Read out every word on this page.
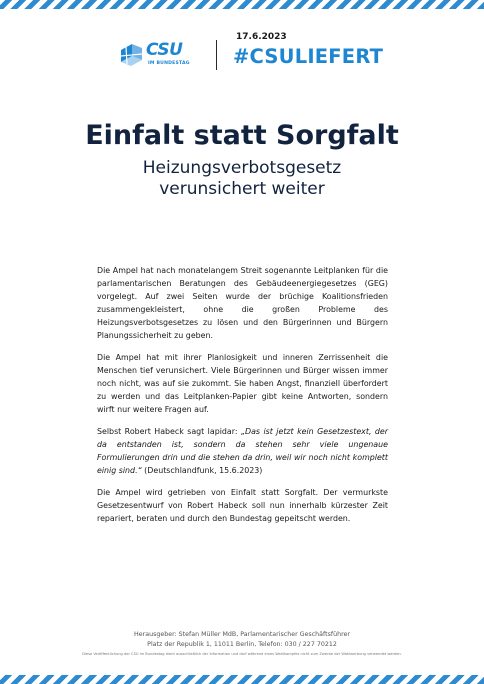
CSU
IM BUNDESTAG
17.6.2023
#CSULIEFERT
Einfalt statt Sorgfalt
Heizungsverbotsgesetz
verunsichert weiter

Die Ampel hat nach monatelangem Streit sogenannte Leitplanken für die parlamentarischen Beratungen des Gebäudeenergiegesetzes (GEG) vorgelegt. Auf zwei Seiten wurde der brüchige Koalitionsfrieden zusammengekleistert, ohne die großen Probleme des Heizungsverbotsgesetzes zu lösen und den Bürgerinnen und Bürgern Planungssicherheit zu geben.

Die Ampel hat mit ihrer Planlosigkeit und inneren Zerrissenheit die Menschen tief verunsichert. Viele Bürgerinnen und Bürger wissen immer noch nicht, was auf sie zukommt. Sie haben Angst, finanziell überfordert zu werden und das Leitplanken-Papier gibt keine Antworten, sondern wirft nur weitere Fragen auf.

Selbst Robert Habeck sagt lapidar: „Das ist jetzt kein Gesetzestext, der da entstanden ist, sondern da stehen sehr viele ungenaue Formulierungen drin und die stehen da drin, weil wir noch nicht komplett einig sind.“ (Deutschlandfunk, 15.6.2023)

Die Ampel wird getrieben von Einfalt statt Sorgfalt. Der vermurkste Gesetzesentwurf von Robert Habeck soll nun innerhalb kürzester Zeit repariert, beraten und durch den Bundestag gepeitscht werden.

Herausgeber: Stefan Müller MdB, Parlamentarischer Geschäftsführer
Platz der Republik 1, 11011 Berlin, Telefon: 030 / 227 70212
Diese Veröffentlichung der CSU im Bundestag dient ausschließlich der Information und darf während eines Wahlkampfes nicht zum Zwecke der Wahlwerbung verwendet werden.
